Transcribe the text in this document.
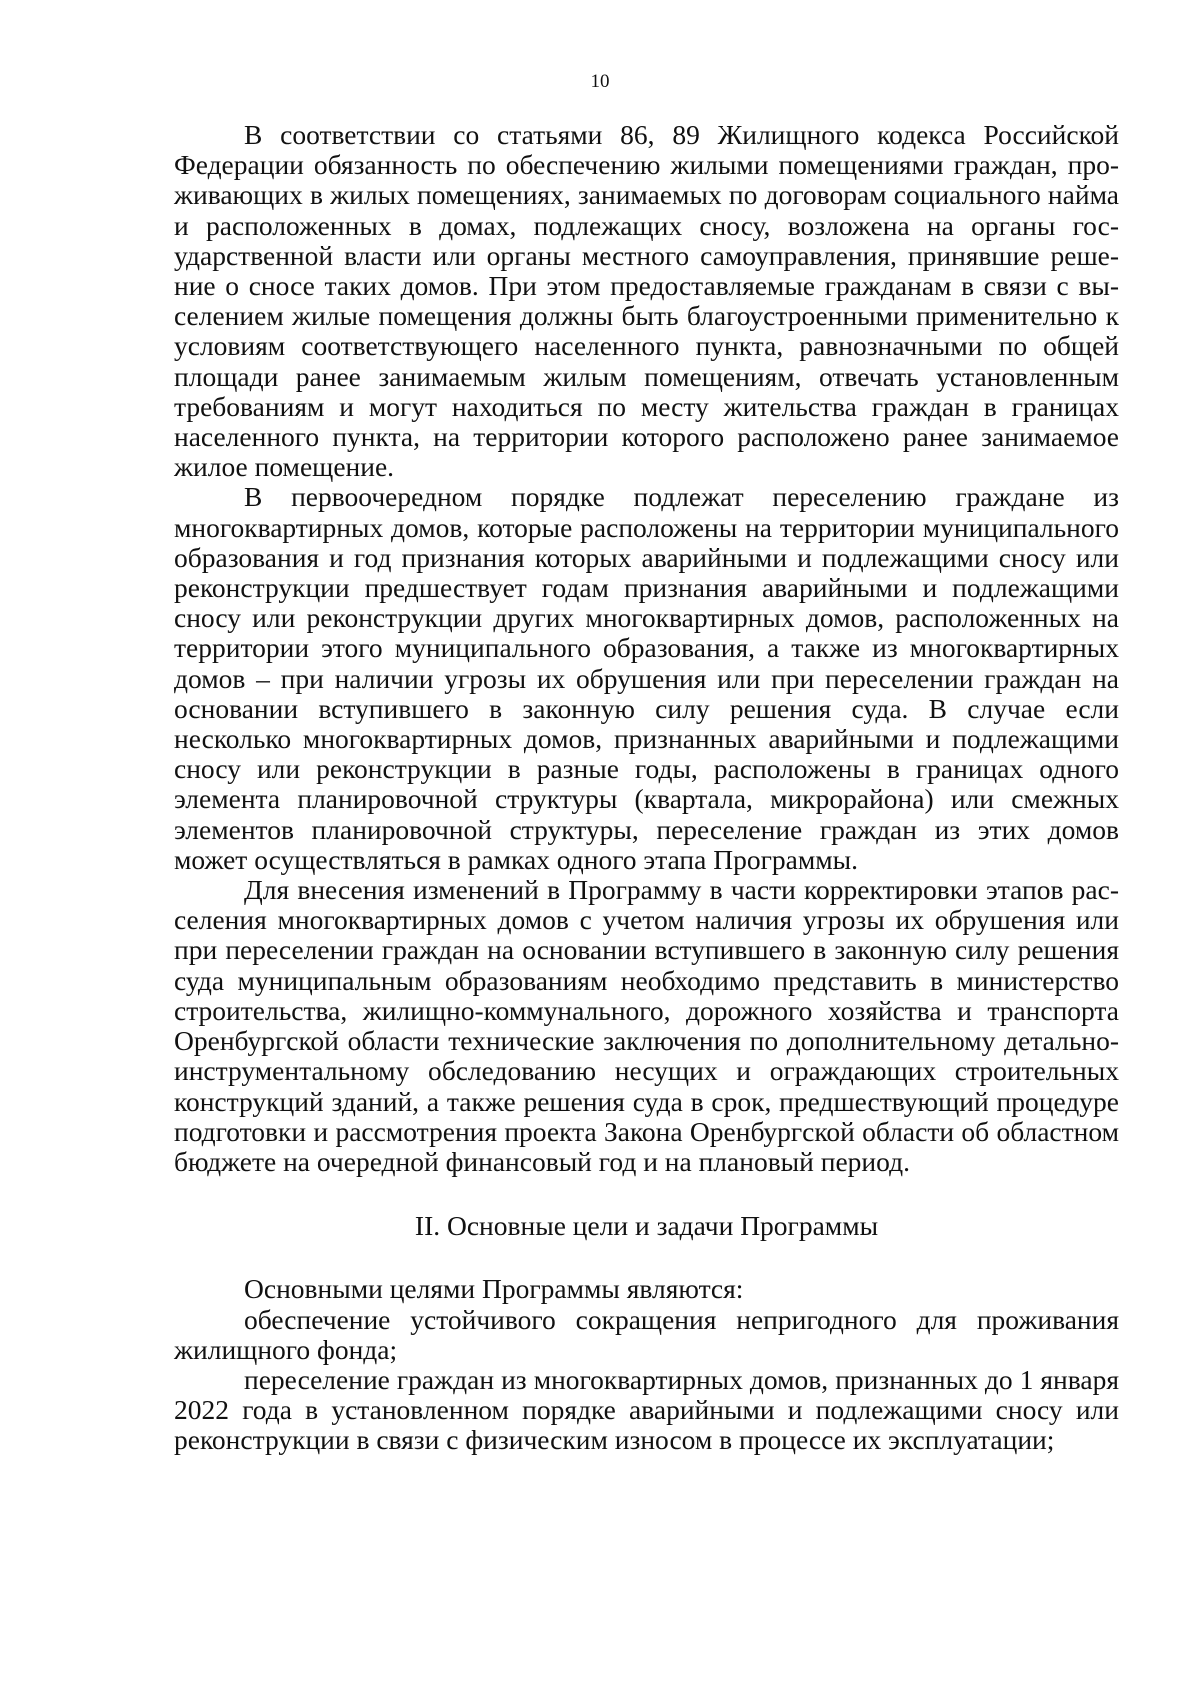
10

В соответствии со статьями 86, 89 Жилищного кодекса Российской Федерации обязанность по обеспечению жилыми помещениями граждан, проживающих в жилых помещениях, занимаемых по договорам социального найма и расположенных в домах, подлежащих сносу, возложена на органы государственной власти или органы местного самоуправления, принявшие решение о сносе таких домов. При этом предоставляемые гражданам в связи с выселением жилые помещения должны быть благоустроенными применительно к условиям соответствующего населенного пункта, равнозначными по общей площади ранее занимаемым жилым помещениям, отвечать установленным требованиям и могут находиться по месту жительства граждан в границах населенного пункта, на территории которого расположено ранее занимаемое жилое помещение.

В первоочередном порядке подлежат переселению граждане из многоквартирных домов, которые расположены на территории муниципального образования и год признания которых аварийными и подлежащими сносу или реконструкции предшествует годам признания аварийными и подлежащими сносу или реконструкции других многоквартирных домов, расположенных на территории этого муниципального образования, а также из многоквартирных домов – при наличии угрозы их обрушения или при переселении граждан на основании вступившего в законную силу решения суда. В случае если несколько многоквартирных домов, признанных аварийными и подлежащими сносу или реконструкции в разные годы, расположены в границах одного элемента планировочной структуры (квартала, микрорайона) или смежных элементов планировочной структуры, переселение граждан из этих домов может осуществляться в рамках одного этапа Программы.

Для внесения изменений в Программу в части корректировки этапов расселения многоквартирных домов с учетом наличия угрозы их обрушения или при переселении граждан на основании вступившего в законную силу решения суда муниципальным образованиям необходимо представить в министерство строительства, жилищно-коммунального, дорожного хозяйства и транспорта Оренбургской области технические заключения по дополнительному детально-инструментальному обследованию несущих и ограждающих строительных конструкций зданий, а также решения суда в срок, предшествующий процедуре подготовки и рассмотрения проекта Закона Оренбургской области об областном бюджете на очередной финансовый год и на плановый период.

II. Основные цели и задачи Программы

Основными целями Программы являются:

обеспечение устойчивого сокращения непригодного для проживания жилищного фонда;

переселение граждан из многоквартирных домов, признанных до 1 января 2022 года в установленном порядке аварийными и подлежащими сносу или реконструкции в связи с физическим износом в процессе их эксплуатации;
